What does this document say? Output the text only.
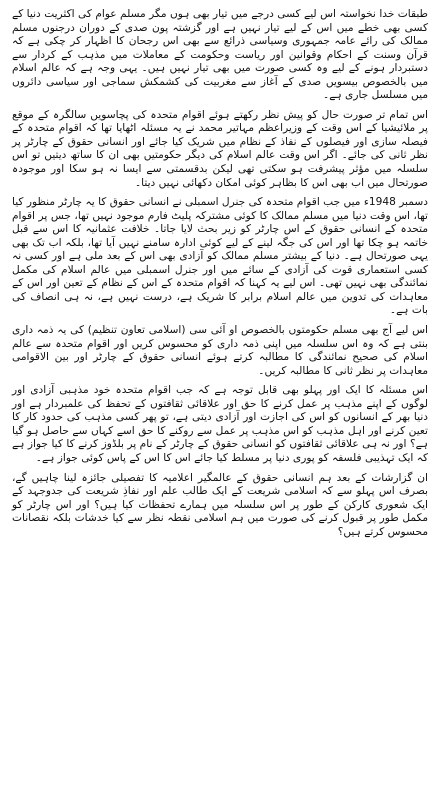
طبقات خدا نخواستہ اس لیے کسی درجے میں تیار بھی ہوں مگر مسلم عوام کی اکثریت دنیا کے کسی بھی خطے میں اس کے لیے تیار نہیں ہے اور گزشتہ پون صدی کے دوران درجنوں مسلم ممالک کی رائے عامہ جمہوری وسیاسی ذرائع سے بھی اس رجحان کا اظہار کر چکی ہے کہ قرآن وسنت کے احکام وقوانین اور ریاست وحکومت کے معاملات میں مذہب کے کردار سے دستبردار ہونے کے لیے وہ کسی صورت میں بھی تیار نہیں ہیں۔ یہی وجہ ہے کہ عالم اسلام میں بالخصوص بیسویں صدی کے آغاز سے مغربیت کی کشمکش سماجی اور سیاسی دائروں میں مسلسل جاری ہے۔

اس تمام تر صورت حال کو پیش نظر رکھتے ہوئے اقوام متحدہ کی پچاسویں سالگرہ کے موقع پر ملائیشیا کے اس وقت کے وزیراعظم مہاتیر محمد نے یہ مسئلہ اٹھایا تھا کہ اقوام متحدہ کے فیصلہ سازی اور فیصلوں کے نفاذ کے نظام میں شریک کیا جائے اور انسانی حقوق کے چارٹر پر نظر ثانی کی جائے۔ اگر اس وقت عالم اسلام کی دیگر حکومتیں بھی ان کا ساتھ دیتیں تو اس سلسلہ میں مؤثر پیشرفت ہو سکتی تھی لیکن بدقسمتی سے ایسا نہ ہو سکا اور موجودہ صورتحال میں اب بھی اس کا بظاہر کوئی امکان دکھائی نہیں دیتا۔

دسمبر 1948ء میں جب اقوام متحدہ کی جنرل اسمبلی نے انسانی حقوق کا یہ چارٹر منظور کیا تھا، اس وقت دنیا میں مسلم ممالک کا کوئی مشترکہ پلیٹ فارم موجود نہیں تھا، جس پر اقوام متحدہ کے انسانی حقوق کے اس چارٹر کو زیر بحث لایا جاتا۔ خلافت عثمانیہ کا اس سے قبل خاتمہ ہو چکا تھا اور اس کی جگہ لینے کے لیے کوئی ادارہ سامنے نہیں آیا تھا، بلکہ اب تک بھی یہی صورتحال ہے۔ دنیا کے بیشتر مسلم ممالک کو آزادی بھی اس کے بعد ملی ہے اور کسی نہ کسی استعماری قوت کی آزادی کے سائے میں اور جنرل اسمبلی میں عالم اسلام کی مکمل نمائندگی بھی نہیں تھی۔ اس لیے یہ کہنا کہ اقوام متحدہ کے اس کے نظام کے تعین اور اس کے معاہدات کی تدوین میں عالم اسلام برابر کا شریک ہے، درست نہیں ہے، نہ ہی انصاف کی بات ہے۔

اس لیے آج بھی مسلم حکومتوں بالخصوص او آئی سی (اسلامی تعاون تنظیم) کی یہ ذمہ داری بنتی ہے کہ وہ اس سلسلہ میں اپنی ذمہ داری کو محسوس کریں اور اقوام متحدہ سے عالم اسلام کی صحیح نمائندگی کا مطالبہ کرتے ہوئے انسانی حقوق کے چارٹر اور بین الاقوامی معاہدات پر نظر ثانی کا مطالبہ کریں۔

اس مسئلہ کا ایک اور پہلو بھی قابل توجہ ہے کہ جب اقوام متحدہ خود مذہبی آزادی اور لوگوں کے اپنے مذہب پر عمل کرنے کا حق اور علاقائی ثقافتوں کے تحفظ کی علمبردار ہے اور دنیا بھر کے انسانوں کو اس کی اجازت اور آزادی دیتی ہے، تو پھر کسی مذہب کی حدود کار کا تعین کرنے اور اہل مذہب کو اس مذہب پر عمل سے روکنے کا حق اسے کہاں سے حاصل ہو گیا ہے؟ اور نہ ہی علاقائی ثقافتوں کو انسانی حقوق کے چارٹر کے نام پر بلڈوز کرنے کا کیا جواز ہے کہ ایک تہذیبی فلسفہ کو پوری دنیا پر مسلط کیا جائے اس کا اس کے پاس کوئی جواز ہے۔

ان گزارشات کے بعد ہم انسانی حقوق کے عالمگیر اعلامیہ کا تفصیلی جائزہ لینا چاہیں گے، بصرف اس پہلو سے کہ اسلامی شریعت کے ایک طالب علم اور نفاذِ شریعت کی جدوجہد کے ایک شعوری کارکن کے طور پر اس سلسلہ میں ہمارے تحفظات کیا ہیں؟ اور اس چارٹر کو مکمل طور پر قبول کرنے کی صورت میں ہم اسلامی نقطہ نظر سے کیا خدشات بلکہ نقصانات محسوس کرتے ہیں؟
